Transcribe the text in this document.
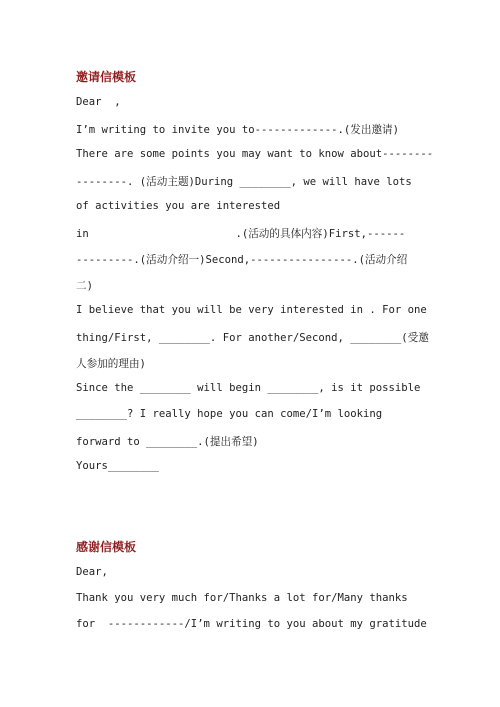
邀请信模板
Dear  ,
I’m writing to invite you to-------------.(发出邀请)
There are some points you may want to know about--------
--------. (活动主题)During ________, we will have lots
of activities you are interested
in                       .(活动的具体内容)First,------
---------.(活动介绍一)Second,----------------.(活动介绍
二)
I believe that you will be very interested in . For one
thing/First, ________. For another/Second, ________(受邀
人参加的理由)
Since the ________ will begin ________, is it possible
________? I really hope you can come/I’m looking
forward to ________.(提出希望)
Yours________
感谢信模板
Dear,
Thank you very much for/Thanks a lot for/Many thanks
for  ------------/I’m writing to you about my gratitude
